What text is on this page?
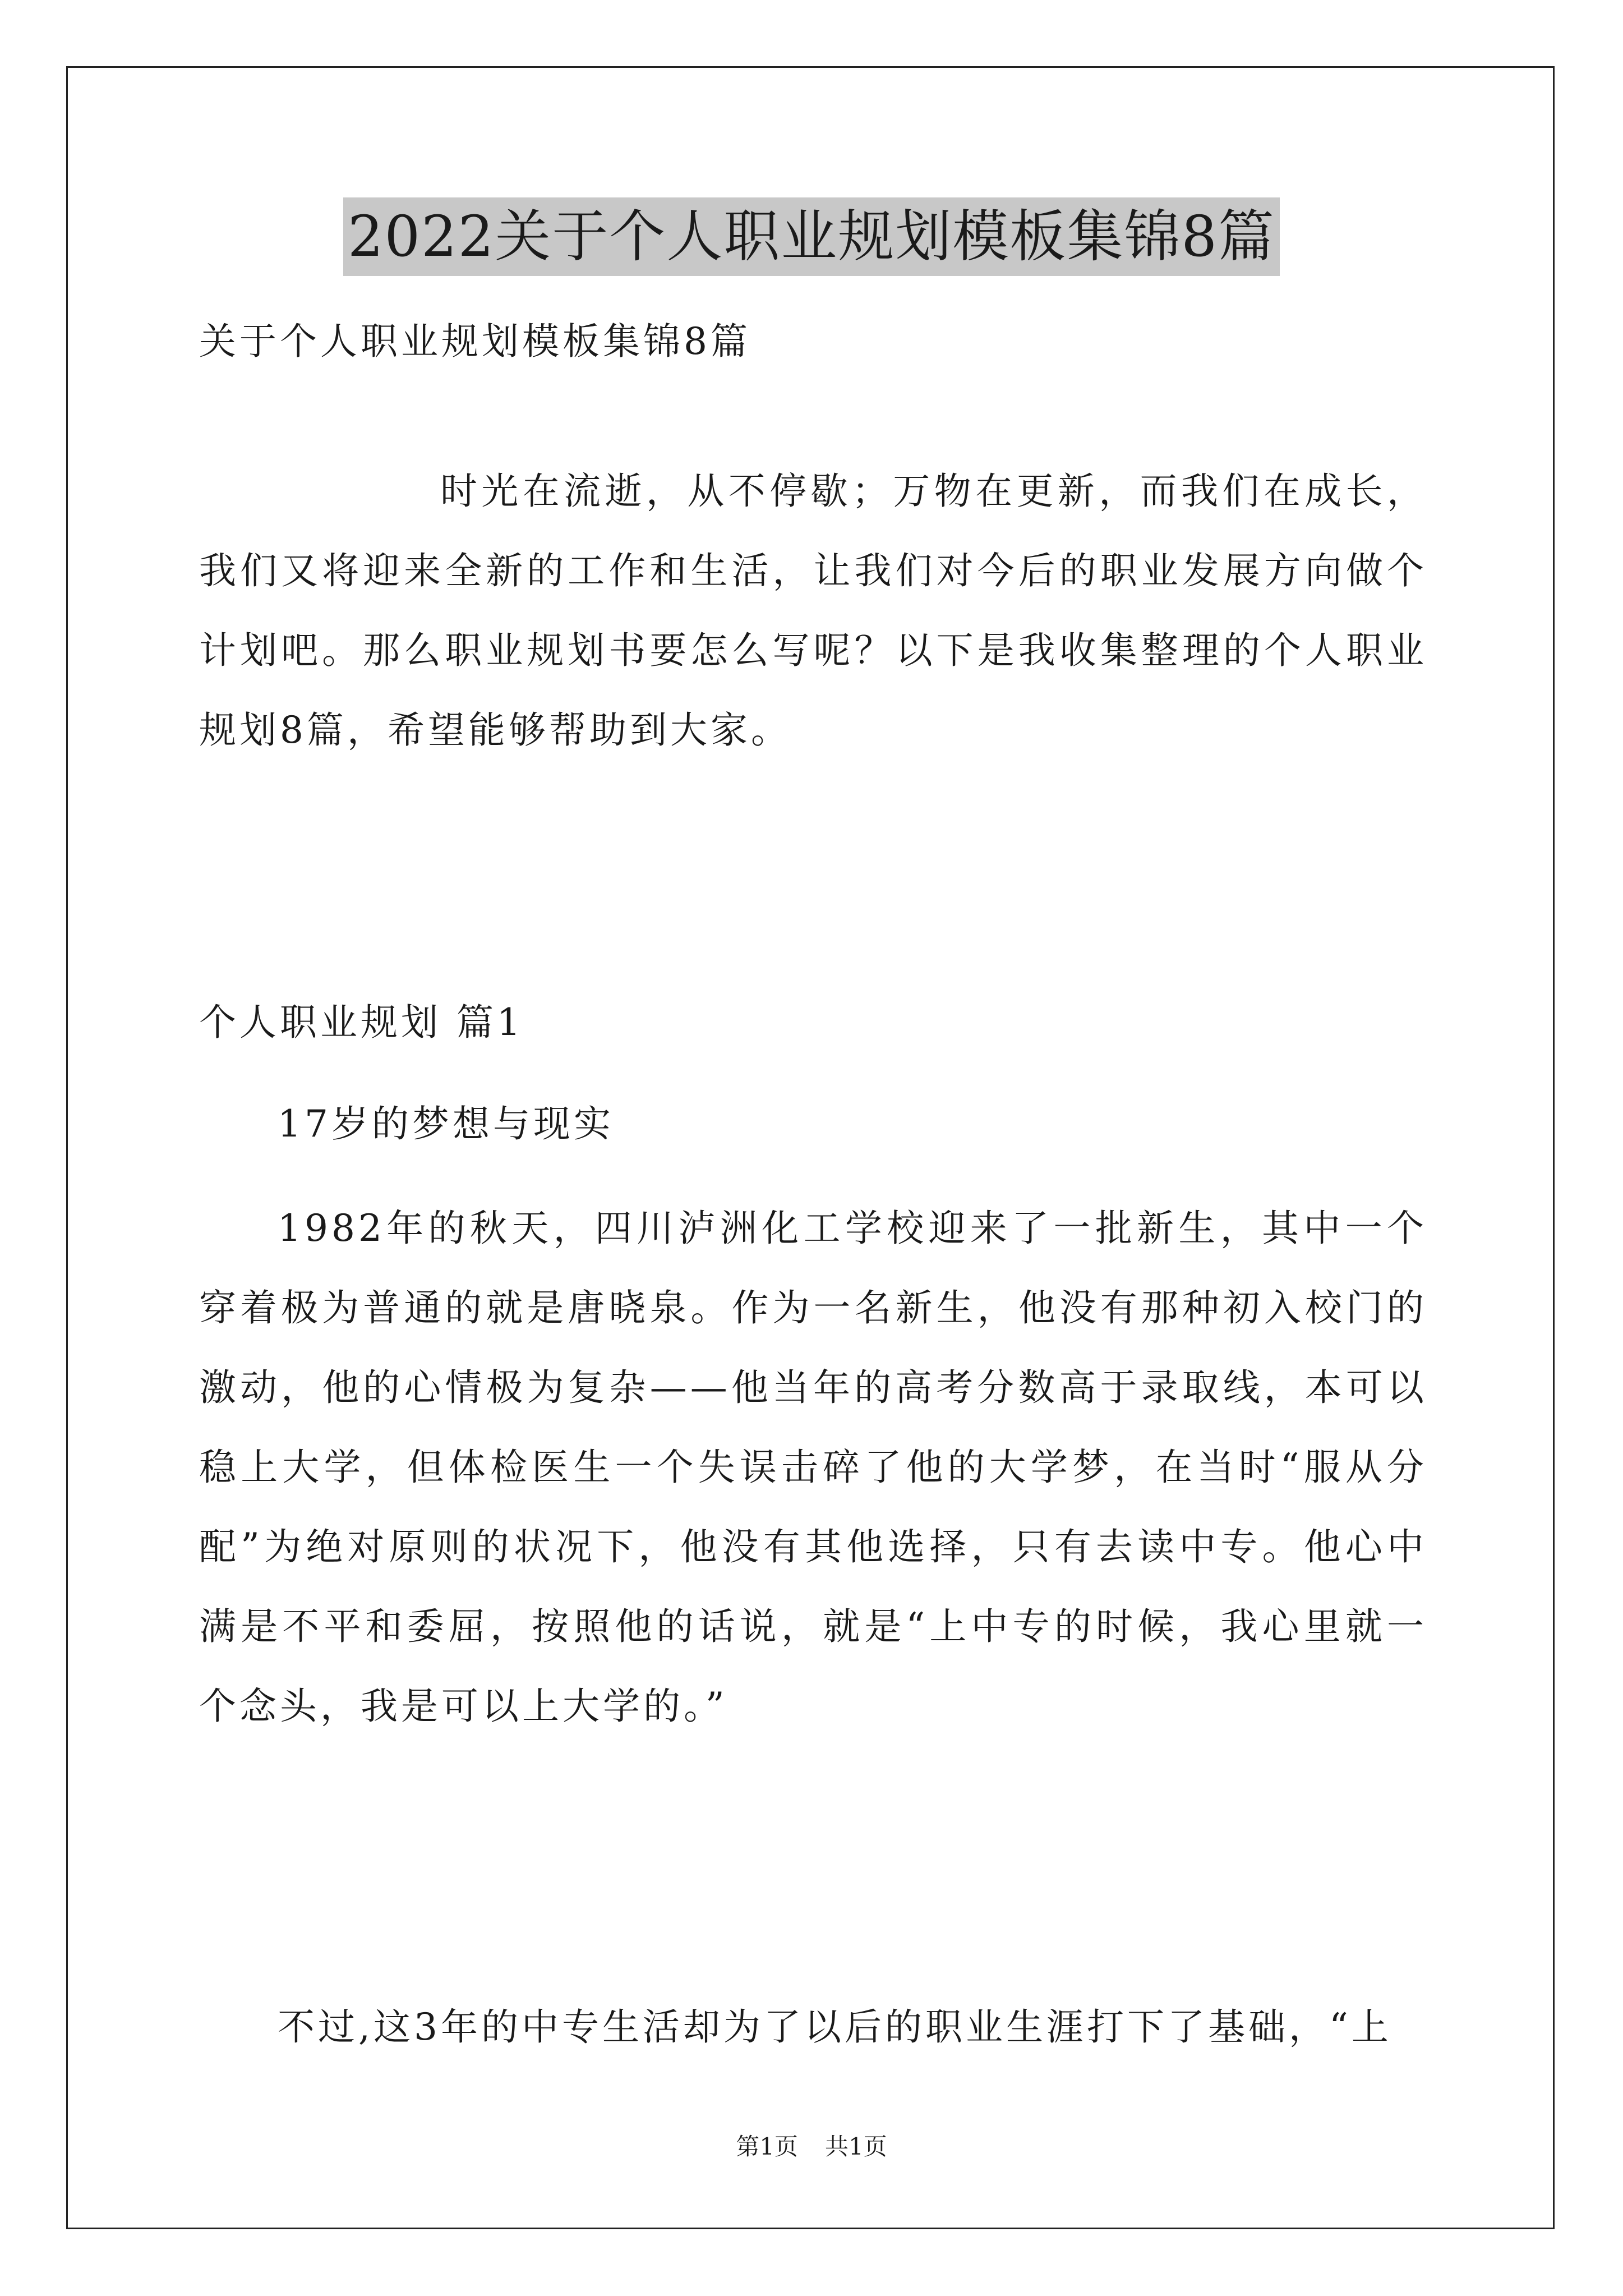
2022关于个人职业规划模板集锦8篇

关于个人职业规划模板集锦8篇

时光在流逝，从不停歇；万物在更新，而我们在成长，我们又将迎来全新的工作和生活，让我们对今后的职业发展方向做个计划吧。那么职业规划书要怎么写呢？以下是我收集整理的个人职业规划8篇，希望能够帮助到大家。

个人职业规划 篇1

17岁的梦想与现实

1982年的秋天，四川泸洲化工学校迎来了一批新生，其中一个穿着极为普通的就是唐晓泉。作为一名新生，他没有那种初入校门的激动，他的心情极为复杂——他当年的高考分数高于录取线，本可以稳上大学，但体检医生一个失误击碎了他的大学梦，在当时“服从分配”为绝对原则的状况下，他没有其他选择，只有去读中专。他心中满是不平和委屈，按照他的话说，就是“上中专的时候，我心里就一个念头，我是可以上大学的。”

不过,这3年的中专生活却为了以后的职业生涯打下了基础，“上

第1页 共1页
